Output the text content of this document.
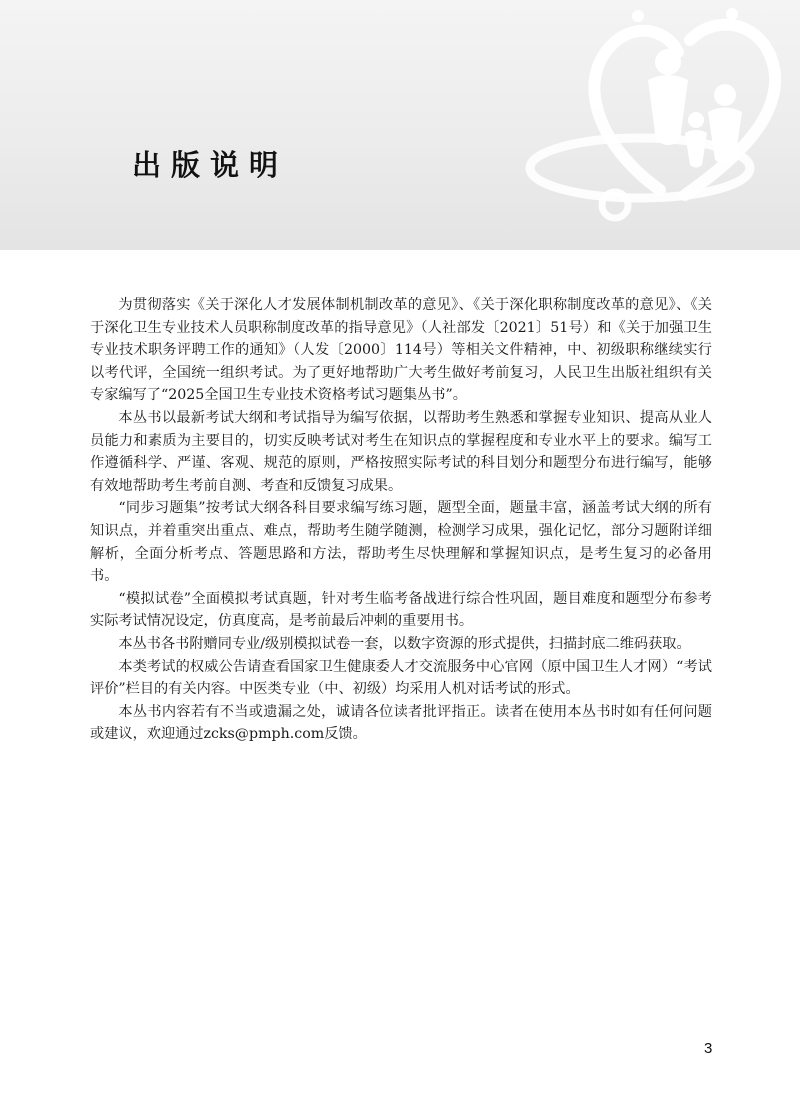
出版说明

为贯彻落实《关于深化人才发展体制机制改革的意见》、《关于深化职称制度改革的意见》、《关于深化卫生专业技术人员职称制度改革的指导意见》（人社部发〔2021〕51号）和《关于加强卫生专业技术职务评聘工作的通知》（人发〔2000〕114号）等相关文件精神，中、初级职称继续实行以考代评，全国统一组织考试。为了更好地帮助广大考生做好考前复习，人民卫生出版社组织有关专家编写了“2025全国卫生专业技术资格考试习题集丛书”。

本丛书以最新考试大纲和考试指导为编写依据，以帮助考生熟悉和掌握专业知识、提高从业人员能力和素质为主要目的，切实反映考试对考生在知识点的掌握程度和专业水平上的要求。编写工作遵循科学、严谨、客观、规范的原则，严格按照实际考试的科目划分和题型分布进行编写，能够有效地帮助考生考前自测、考查和反馈复习成果。

“同步习题集”按考试大纲各科目要求编写练习题，题型全面，题量丰富，涵盖考试大纲的所有知识点，并着重突出重点、难点，帮助考生随学随测，检测学习成果，强化记忆，部分习题附详细解析，全面分析考点、答题思路和方法，帮助考生尽快理解和掌握知识点，是考生复习的必备用书。

“模拟试卷”全面模拟考试真题，针对考生临考备战进行综合性巩固，题目难度和题型分布参考实际考试情况设定，仿真度高，是考前最后冲刺的重要用书。

本丛书各书附赠同专业/级别模拟试卷一套，以数字资源的形式提供，扫描封底二维码获取。

本类考试的权威公告请查看国家卫生健康委人才交流服务中心官网（原中国卫生人才网）“考试评价”栏目的有关内容。中医类专业（中、初级）均采用人机对话考试的形式。

本丛书内容若有不当或遗漏之处，诚请各位读者批评指正。读者在使用本丛书时如有任何问题或建议，欢迎通过zcks@pmph.com反馈。

3
